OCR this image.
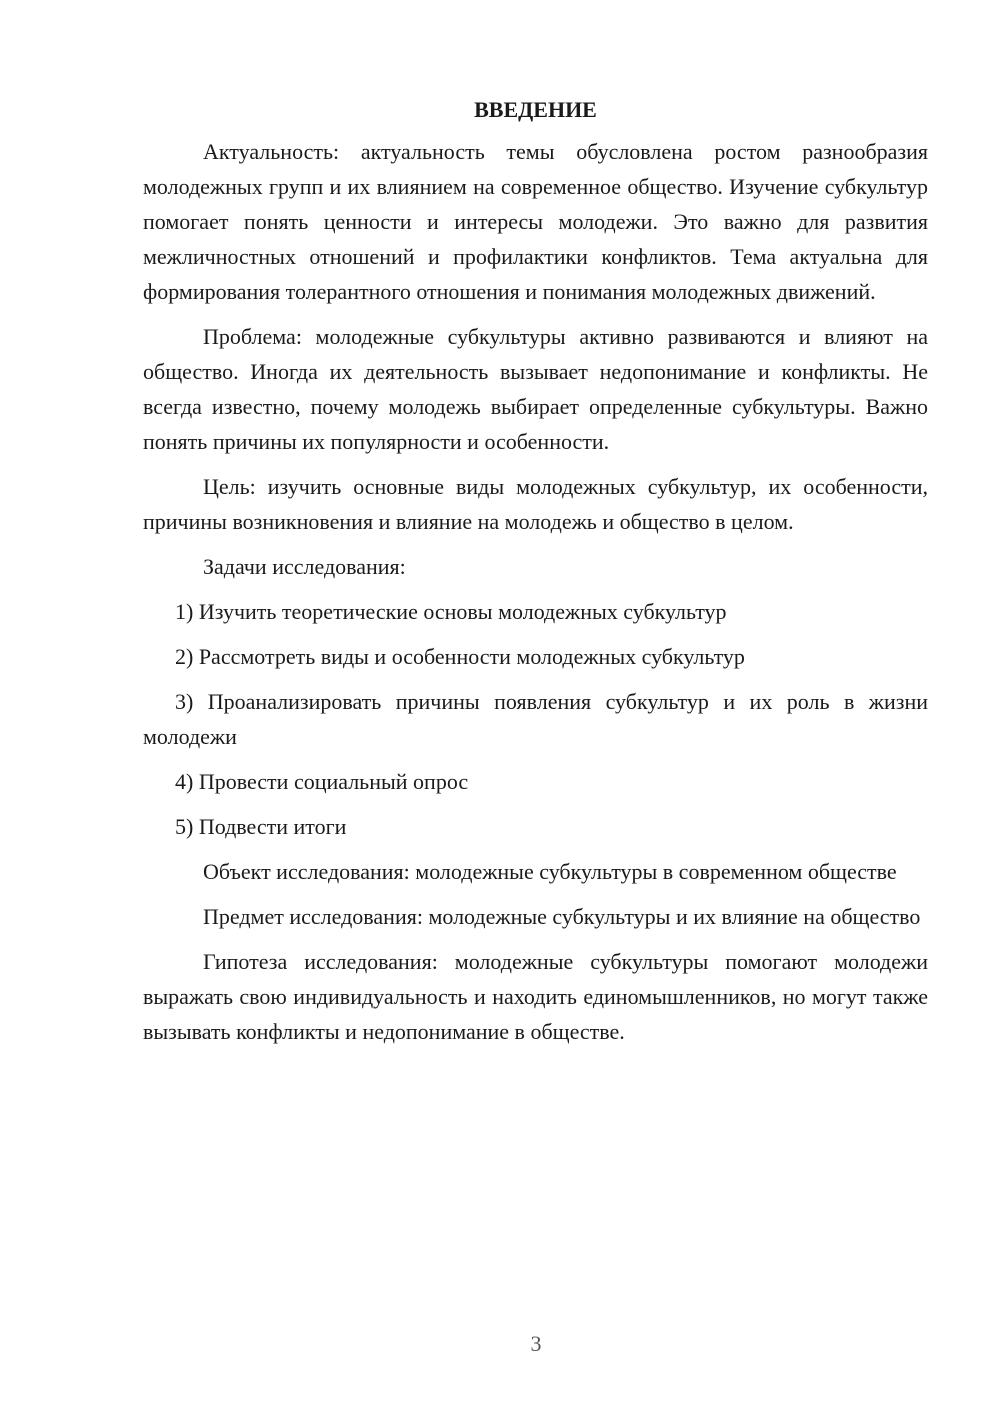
ВВЕДЕНИЕ

Актуальность: актуальность темы обусловлена ростом разнообразия молодежных групп и их влиянием на современное общество. Изучение субкультур помогает понять ценности и интересы молодежи. Это важно для развития межличностных отношений и профилактики конфликтов. Тема актуальна для формирования толерантного отношения и понимания молодежных движений.

Проблема: молодежные субкультуры активно развиваются и влияют на общество. Иногда их деятельность вызывает недопонимание и конфликты. Не всегда известно, почему молодежь выбирает определенные субкультуры. Важно понять причины их популярности и особенности.

Цель: изучить основные виды молодежных субкультур, их особенности, причины возникновения и влияние на молодежь и общество в целом.

Задачи исследования:

1) Изучить теоретические основы молодежных субкультур

2) Рассмотреть виды и особенности молодежных субкультур

3) Проанализировать причины появления субкультур и их роль в жизни молодежи

4) Провести социальный опрос

5) Подвести итоги

Объект исследования: молодежные субкультуры в современном обществе

Предмет исследования: молодежные субкультуры и их влияние на общество

Гипотеза исследования: молодежные субкультуры помогают молодежи выражать свою индивидуальность и находить единомышленников, но могут также вызывать конфликты и недопонимание в обществе.

3
